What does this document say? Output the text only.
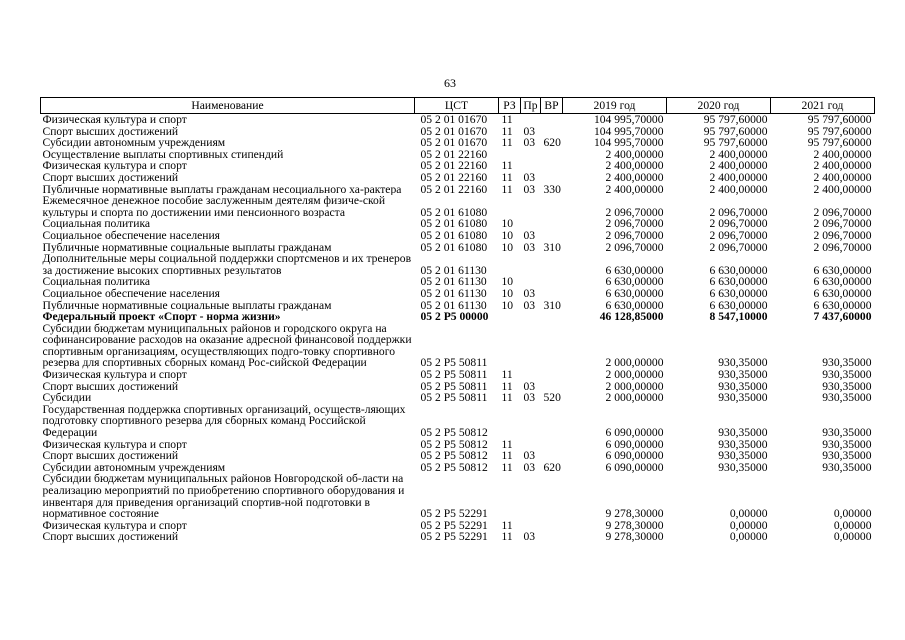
63
Наименование	ЦСТ	РЗ	Пр	ВР	2019 год	2020 год	2021 год
Физическая культура и спорт	05 2 01 01670	11			104 995,70000	95 797,60000	95 797,60000
Спорт высших достижений	05 2 01 01670	11	03		104 995,70000	95 797,60000	95 797,60000
Субсидии автономным учреждениям	05 2 01 01670	11	03	620	104 995,70000	95 797,60000	95 797,60000
Осуществление выплаты спортивных стипендий	05 2 01 22160				2 400,00000	2 400,00000	2 400,00000
Физическая культура и спорт	05 2 01 22160	11			2 400,00000	2 400,00000	2 400,00000
Спорт высших достижений	05 2 01 22160	11	03		2 400,00000	2 400,00000	2 400,00000
Публичные нормативные выплаты гражданам несоциального ха-рактера	05 2 01 22160	11	03	330	2 400,00000	2 400,00000	2 400,00000
Ежемесячное денежное пособие заслуженным деятелям физиче-ской культуры и спорта по достижении ими пенсионного возраста	05 2 01 61080				2 096,70000	2 096,70000	2 096,70000
Социальная политика	05 2 01 61080	10			2 096,70000	2 096,70000	2 096,70000
Социальное обеспечение населения	05 2 01 61080	10	03		2 096,70000	2 096,70000	2 096,70000
Публичные нормативные социальные выплаты гражданам	05 2 01 61080	10	03	310	2 096,70000	2 096,70000	2 096,70000
Дополнительные меры социальной поддержки спортсменов и их тренеров за достижение высоких спортивных результатов	05 2 01 61130				6 630,00000	6 630,00000	6 630,00000
Социальная политика	05 2 01 61130	10			6 630,00000	6 630,00000	6 630,00000
Социальное обеспечение населения	05 2 01 61130	10	03		6 630,00000	6 630,00000	6 630,00000
Публичные нормативные социальные выплаты гражданам	05 2 01 61130	10	03	310	6 630,00000	6 630,00000	6 630,00000
Федеральный проект «Спорт - норма жизни»	05 2 P5 00000				46 128,85000	8 547,10000	7 437,60000
Субсидии бюджетам муниципальных районов и городского округа на софинансирование расходов на оказание адресной финансовой поддержки спортивным организациям, осуществляющих подго-товку спортивного резерва для спортивных сборных команд Рос-сийской Федерации	05 2 P5 50811				2 000,00000	930,35000	930,35000
Физическая культура и спорт	05 2 P5 50811	11			2 000,00000	930,35000	930,35000
Спорт высших достижений	05 2 P5 50811	11	03		2 000,00000	930,35000	930,35000
Субсидии	05 2 P5 50811	11	03	520	2 000,00000	930,35000	930,35000
Государственная поддержка спортивных организаций, осуществ-ляющих подготовку спортивного резерва для сборных команд Российской Федерации	05 2 P5 50812				6 090,00000	930,35000	930,35000
Физическая культура и спорт	05 2 P5 50812	11			6 090,00000	930,35000	930,35000
Спорт высших достижений	05 2 P5 50812	11	03		6 090,00000	930,35000	930,35000
Субсидии автономным учреждениям	05 2 P5 50812	11	03	620	6 090,00000	930,35000	930,35000
Субсидии бюджетам муниципальных районов Новгородской об-ласти на реализацию мероприятий по приобретению спортивного оборудования и инвентаря для приведения организаций спортив-ной подготовки в нормативное состояние	05 2 P5 52291				9 278,30000	0,00000	0,00000
Физическая культура и спорт	05 2 P5 52291	11			9 278,30000	0,00000	0,00000
Спорт высших достижений	05 2 P5 52291	11	03		9 278,30000	0,00000	0,00000
